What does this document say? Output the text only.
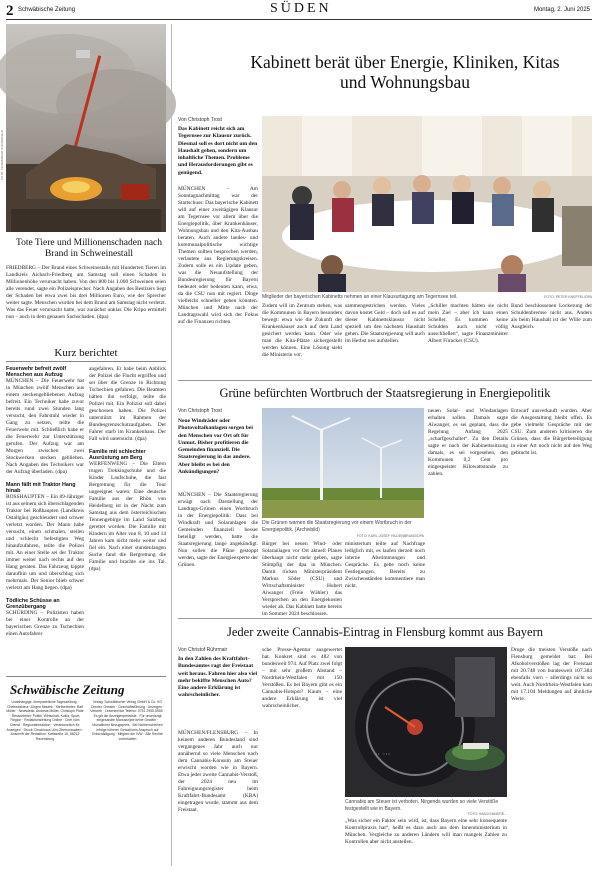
2 Schwäbische Zeitung	SÜDEN	Montag, 2. Juni 2025
FOTO: FEUERWEHR STEUERFELD
Tote Tiere und Millionenschaden nach Brand in Schweinestall
FRIEDBERG – Der Brand eines Schweinestalls mit Hunderten Tieren im Landkreis Aichach-Friedberg am Samstag soll einen Schaden in Millionenhöhe verursacht haben. Von den 800 bis 1.000 Schweinen seien alle verendet, sagte ein Polizeisprecher. Nach Angaben des Bestizers liegt der Schaden bei etwa zwei bis drei Millionen Euro, wie der Sprecher weiter sagte. Menschen wurden bei dem Brand am Samstag nicht verletzt. Was das Feuer verursacht hatte, war zunächst unklar. Die Kripo ermittelt nun – auch in dem genauen Sachschaden. (dpa)
Kurz berichtet
Feuerwehr befreit zwölf Menschen aus Aufzug
MÜNCHEN – Die Feuerwehr hat in München zwölf Menschen aus einem steckengebliebenen Aufzug befreit. Ein Techniker habe zuvor bereits rund zwei Stunden lang versucht, den Fahrstuhl wieder in Gang zu setzen, teilte die Feuerwehr mit. Schließlich habe er die Feuerwehr zur Unterstützung gerufen. Der Aufzug war am Morgen zwischen zwei Stockwerken stecken geblieben. Nach Angaben des Technikers war der Aufzug überladen. (dpa)
Mann fällt mit Traktor Hang hinab
ROSSHAUPTEN – Ein 89-Jähriger ist aus seinem sich überschlagenden Traktor bei Roßhaupten (Landkreis Ostallgäu) geschleudert und schwer verletzt worden. Der Mann habe versucht, einen schmalen, steilen und schlecht befestigten Weg hinaufzufahren, teilte die Polizei mit. An einer Stelle sei der Traktor immer weiter nach rechts auf den Hang geraten. Das Fahrzeug kippte daraufhin um und überschlug sich mehrmals. Der Senior blieb schwer verletzt am Hang liegen. (dpa)
Tödliche Schüsse an Grenzübergang
SCHÜRDING – Polizisten haben bei einer Kontrolle an der bayerischen Grenze zu Tschechien einen Autofahrer
angefahren. Er habe beim Anblick der Polizei die Flucht ergriffen und sei über die Grenze in Richtung Tschechien gefahren. Die Beamten hätten ihn verfolgt, teilte die Polizei mit. Ein Polizist soll dabei geschossen haben. Die Polizei unterstützt im Rahmen der Bundesgrenzschutzaufgaben. Der Fahrer starb im Krankenhaus. Der Fall wird untersucht. (dpa)
Familie mit schlechter Ausrüstung am Berg
WERFENWENG – Die Eltern trugen Trekkingschuhe und die Kinder Laufschuhe, die fast Bergrettung für die Tour ungeeignet waren: Eine deutsche Familie aus der Rhön von Heidelberg ist in der Nacht zum Samstag aus dem österreichischen Tennengebirge im Land Salzburg gerettet worden. Die Familie mit Kindern im Alter von 8, 10 und 14 Jahren kam nicht mehr weiter und fiel ein. Nach einer stundenlangen Suche fand die Bergrettung die Familie und brachte sie ins Tal. (dpa)
Schwäbische Zeitung
Unabhängige, überparteiliche Tageszeitung · Chefredakteur: Jürgen Mladek · Stellvertreter: Ralf Müller · Newsdesk: Andreas Müller, Christoph Plate · Ressortleiter: Politik, Wirtschaft, Kultur, Sport, Region · Redaktionsleitung Online · Chef vom Dienst · Regionalredaktion · Verantwortlich für Anzeigen · Druck: Druckhaus Ulm-Oberschwaben · Anschrift der Redaktion: Karlstraße 16, 88212 Ravensburg
Verlag: Schwäbischer Verlag GmbH & Co. KG Drexler, Gessler · Geschäftsführung · Anzeigen · Vertrieb · Leserservice Telefon: 0751 2955-5555 · Es gilt die Anzeigenpreisliste · Für unverlangt eingesandte Manuskripte keine Gewähr · Monatlicher Bezugspreis · Bei Nichterscheinen infolge höherer Gewalt kein Anspruch auf Entschädigung · Mitglied der IVW · Alle Rechte vorbehalten
Kabinett berät über Energie, Kliniken, Kitas und Wohnungsbau
Von Christoph Trost
Das Kabinett reicht sich am Tegernsee zur Klausur zurück. Diesmal soll es dort nicht um den Haushalt gehen, sondern um inhaltliche Themen. Probleme und Herausforderungen gibt es genügend.
MÜNCHEN – Am Sonntagnachmittag war der Startschuss: Das bayerische Kabinett will auf einer zweitägigen Klausur am Tegernsee vor allem über die Energiepolitik, über Krankenhäuser, Wohnungsbau und den Kita-Ausbau beraten. Auch andere landes- und kommunalpolitische wichtige Themen sollten besprochen werden, verlautete aus Regierungskreisen. Zudem solle es ein Update geben, was die Neuaufstellung der Bundesregierung für Bayern bedeutet oder bedeuten kann, etwa, da die CSU nun mit regiert. Dinge vielleicht schneller gehen könnten. München und Mitte nach der Landtagswahl wird sich der Fokus auf die Finanzen richten.
Mitglieder der bayerischen Kabinetts nehmen an einer Klausurtagung am Tegernsee teil.	FOTO: PETER KNEFFEL/DPA
Zudem will im Zentrum stehen, was die Kommunen in Bayern besonders bewegt: etwa wie die Zukunft der Krankenhäuser auch auf dem Land gesichert werden kann. Oder wie man die Kita-Plätze sichergestellt werden können. Eine Lösung sieht die Ministerin vor.
sammengestrichen werden. Vieles davon kostet Geld – doch soll es auf dieser Kabinettsklausur nicht speziell um den nächsten Haushalt gehen. Die Staatsregierung will auch im Herbst neu aufstellen.
„Schiller machten hätten sie nicht mein Ziel – aber ich kann einen Scheller. Es kommen keine Schulden auch nicht völlig ausschließen“, sagte Finanzminister Albert Füracker (CSU).
Bund beschlossenen Lockerung der Schuldenbremse nicht aus. Anders als beim Haushalt ist der Wille zum Ausgleich.
Grüne befürchten Wortbruch der Staatsregierung in Energiepolitik
Von Christoph Trost
Neue Windräder oder Photovoltaikanlagen sorgen bei den Menschen vor Ort oft für Unmut. Bisher profitieren die Gemeinden finanziell. Die Staatsregierung in das andere. Aber bleibt es bei den Ankündigungen?
MÜNCHEN – Die Staatsregierung erwägt nach Darstellung der Landtags-Grünen einen Wortbruch in der Energiepolitik: Dass bei Windkraft und Solaranlagen die Gemeinden finanziell besser beteiligt werden, hatte die Staatsregierung lange angekündigt. Nun sollen die Pläne gestoppt werden, sagte der Energieexperte der Grünen.
Die Grünen warnen die Staatsregierung vor einem Wortbruch in der Energiepolitik. (Archivbild)
FOTO: KARL-JOSEF HILDENBRAND/DPA
Bürger bei neuen Wind- oder Solaranlagen vor Ort aktuell Planes überhaupt nicht mehr geben, sagte Stümpfig der dpa in München. Damit rücken Ministerpräsident Markus Söder (CSU) und Wirtschaftsminister Hubert Aiwanger (Freie Wähler) das Versprechen an den Energiekosten wieder ab. Das Kabinett hatte bereits im Sommer 2024 beschlossen.
ministerium teilte auf Nachfrage lediglich mit, es laufen derzeit noch interne Abstimmungen und Gespräche. Es gebe noch keine Festlegungen. Bereits zu Zwischenständen kommentiere man nicht.
neuen Solar- und Windanlagen erhalten sollen. Damals sagte Aiwanger, es sei geplant, dass die Regelung Anfang 2025 „scharfgeschaltet“. Zu den Details sagte er nach der Kabinettssitzung damals, es sei vorgesehen, den Kommunen 0,2 Cent pro eingespeister Kilowattstunde zu zahlen.
Entwurf ausverkauft wurden. Aber die Ausgestaltung bleibt offen. Es gebe vielmehr Gespräche mit der CSU. Zum anderen kritisieren die Grünen, dass die Bürgerbeteiligung in einer Art noch nicht auf den Weg gebracht ist.
Jeder zweite Cannabis-Eintrag in Flensburg kommt aus Bayern
Von Christof Rührmair
In den Zahlen des Kraftfahrt-Bundesamtes ragt der Freistaat weit heraus. Fahren hier also viel mehr bekiffte Menschen Auto? Eine andere Erklärung ist wahrscheinlicher.
MÜNCHEN/FLENSBURG – In keinem anderen Bundesland sind vergangenes Jahr auch nur annähernd so viele Menschen nach dem Cannabis-Konsum am Steuer erwischt worden wie in Bayern. Etwa jeder zweite Cannabis-Verstoß, der 2024 neu im Fahreignungsregister beim Kraftfahrt-Bundesamt (KBA) eingetragen wurde, stammt aus dem Freistaat.
sche Presse-Agentur ausgewertet hat. Konkret sind es 482 von bundesweit 974. Auf Platz zwei folgt – mit sehr großem Abstand – Nordrhein-Westfalen mit 150 Verstößen. Es bei Bayern gibt es ein Cannabis-Hotspot? Kaum – eine andere Erklärung ist viel wahrscheinlicher.
·· ···
Cannabis am Steuer ist verboten. Nirgends wurden so viele Verstöße festgestellt wie in Bayern.
FOTO: IMAGO/ANDRE...
„Was sicher ein Faktor sein wird, ist, dass Bayern eine sehr konsequente Kontrollpraxis hat“, heißt es dazu auch aus dem Innenministerium in München. Vergleiche zu anderen Ländern will man mangels Zahlen zu Kontrollen aber nicht anstellen.
Droge die meisten Verstöße nach Flensburg gemeldet hat: Bei Alkoholverstößen lag der Freistaat mit 20.748 von bundesweit 107.384 ebenfalls vorn – allerdings nicht so weit. Auch Nordrhein-Westfalen kam mit 17.104 Meldungen auf ähnliche Werte.
